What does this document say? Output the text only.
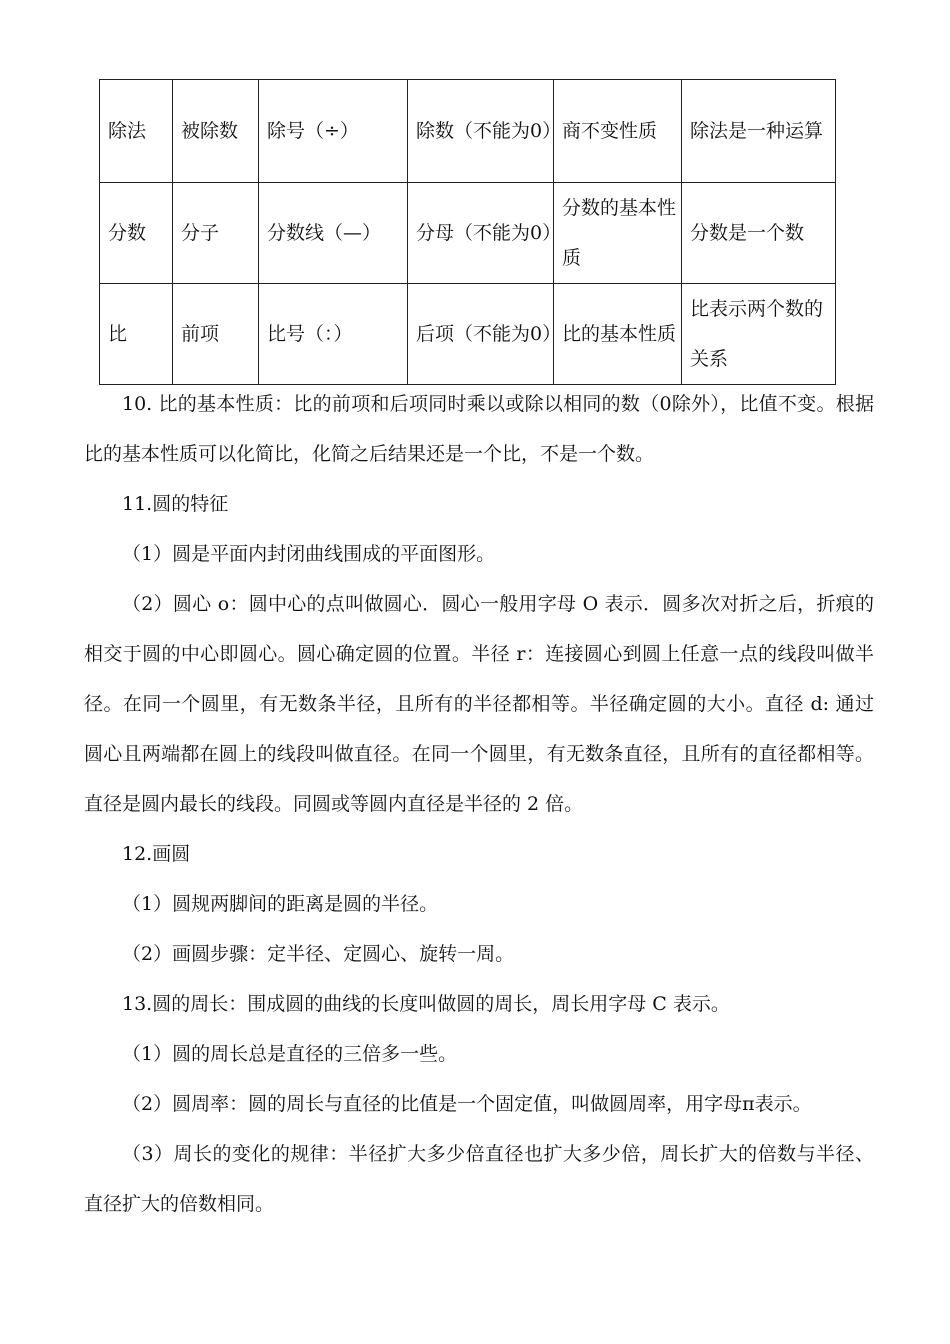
除法	被除数	除号（÷）	除数（不能为0）	商不变性质	除法是一种运算
分数	分子	分数线（—）	分母（不能为0）	分数的基本性质	分数是一个数
比	前项	比号（：）	后项（不能为0）	比的基本性质	比表示两个数的关系

10. 比的基本性质：比的前项和后项同时乘以或除以相同的数（0除外），比值不变。根据比的基本性质可以化简比，化简之后结果还是一个比，不是一个数。

11.圆的特征

（1）圆是平面内封闭曲线围成的平面图形。

（2）圆心 o：圆中心的点叫做圆心．圆心一般用字母 O 表示．圆多次对折之后，折痕的相交于圆的中心即圆心。圆心确定圆的位置。半径 r：连接圆心到圆上任意一点的线段叫做半径。在同一个圆里，有无数条半径，且所有的半径都相等。半径确定圆的大小。直径 d: 通过圆心且两端都在圆上的线段叫做直径。在同一个圆里，有无数条直径，且所有的直径都相等。直径是圆内最长的线段。同圆或等圆内直径是半径的 2 倍。

12.画圆

（1）圆规两脚间的距离是圆的半径。

（2）画圆步骤：定半径、定圆心、旋转一周。

13.圆的周长：围成圆的曲线的长度叫做圆的周长，周长用字母 C 表示。

（1）圆的周长总是直径的三倍多一些。

（2）圆周率：圆的周长与直径的比值是一个固定值，叫做圆周率，用字母π表示。

（3）周长的变化的规律：半径扩大多少倍直径也扩大多少倍，周长扩大的倍数与半径、直径扩大的倍数相同。
